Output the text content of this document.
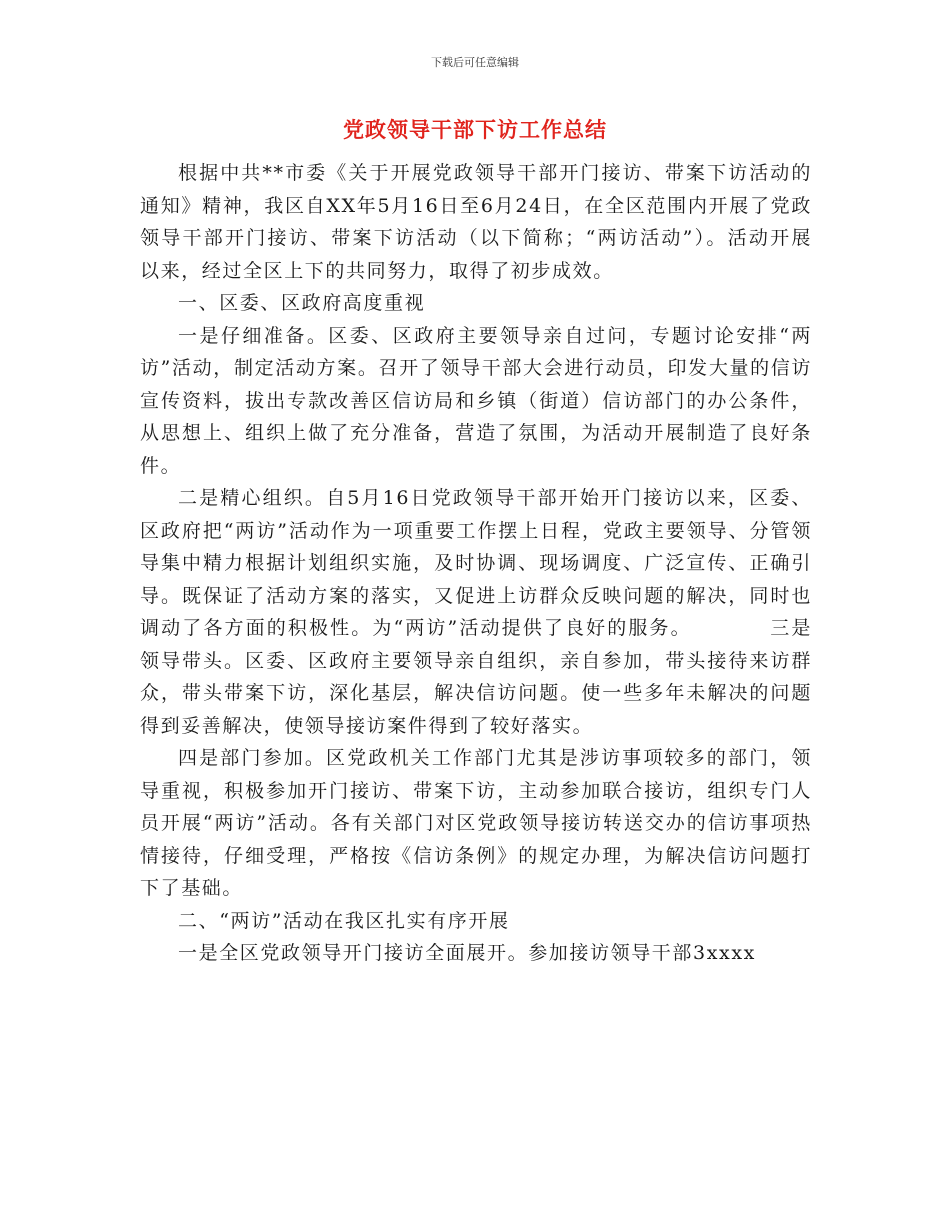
下载后可任意编辑
党政领导干部下访工作总结

根据中共**市委《关于开展党政领导干部开门接访、带案下访活动的通知》精神，我区自XX年5月16日至6月24日，在全区范围内开展了党政领导干部开门接访、带案下访活动（以下简称；“两访活动”）。活动开展以来，经过全区上下的共同努力，取得了初步成效。

一、区委、区政府高度重视

一是仔细准备。区委、区政府主要领导亲自过问，专题讨论安排“两访”活动，制定活动方案。召开了领导干部大会进行动员，印发大量的信访宣传资料，拔出专款改善区信访局和乡镇（街道）信访部门的办公条件，从思想上、组织上做了充分准备，营造了氛围，为活动开展制造了良好条件。

二是精心组织。自5月16日党政领导干部开始开门接访以来，区委、区政府把“两访”活动作为一项重要工作摆上日程，党政主要领导、分管领导集中精力根据计划组织实施，及时协调、现场调度、广泛宣传、正确引导。既保证了活动方案的落实，又促进上访群众反映问题的解决，同时也调动了各方面的积极性。为“两访”活动提供了良好的服务。	三是领导带头。区委、区政府主要领导亲自组织，亲自参加，带头接待来访群众，带头带案下访，深化基层，解决信访问题。使一些多年未解决的问题得到妥善解决，使领导接访案件得到了较好落实。

四是部门参加。区党政机关工作部门尤其是涉访事项较多的部门，领导重视，积极参加开门接访、带案下访，主动参加联合接访，组织专门人员开展“两访”活动。各有关部门对区党政领导接访转送交办的信访事项热情接待，仔细受理，严格按《信访条例》的规定办理，为解决信访问题打下了基础。

二、“两访”活动在我区扎实有序开展

一是全区党政领导开门接访全面展开。参加接访领导干部3xxxx
